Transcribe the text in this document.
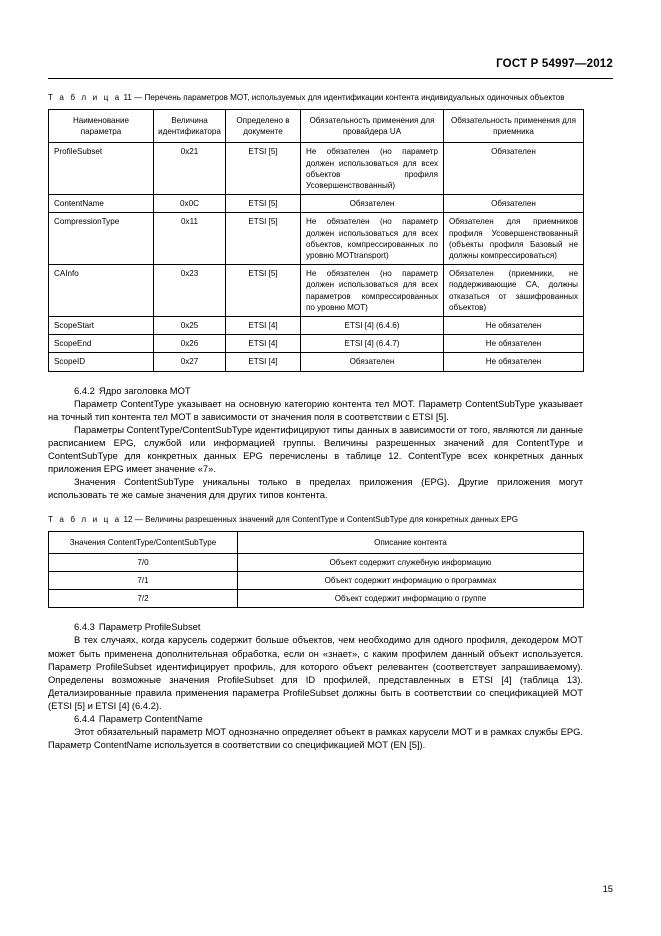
ГОСТ Р 54997—2012

Т а б л и ц а 11 — Перечень параметров MOT, используемых для идентификации контента индивидуальных одиночных объектов

Наименование параметра	Величина идентификатора	Определено в документе	Обязательность применения для провайдера UA	Обязательность применения для приемника
ProfileSubset	0x21	ETSI [5]	Не обязателен (но параметр должен использоваться для всех объектов профиля Усовершенствованный)	Обязателен
ContentName	0x0C	ETSI [5]	Обязателен	Обязателен
CompressionType	0x11	ETSI [5]	Не обязателен (но параметр должен использоваться для всех объектов, компрессированных по уровню MOTtransport)	Обязателен для приемников профиля Усовершенствованный (объекты профиля Базовый не должны компрессироваться)
CAInfo	0x23	ETSI [5]	Не обязателен (но параметр должен использоваться для всех параметров компрессированных по уровню MOT)	Обязателен (приемники, не поддерживающие CA, должны отказаться от зашифрованных объектов)
ScopeStart	0x25	ETSI [4]	ETSI [4] (6.4.6)	Не обязателен
ScopeEnd	0x26	ETSI [4]	ETSI [4] (6.4.7)	Не обязателен
ScopeID	0x27	ETSI [4]	Обязателен	Не обязателен

6.4.2 Ядро заголовка MOT

Параметр ContentType указывает на основную категорию контента тел MOT. Параметр ContentSubType указывает на точный тип контента тел MOT в зависимости от значения поля в соответствии с ETSI [5].

Параметры ContentType/ContentSubType идентифицируют типы данных в зависимости от того, являются ли данные расписанием EPG, службой или информацией группы. Величины разрешенных значений для ContentType и ContentSubType для конкретных данных EPG перечислены в таблице 12. ContentType всех конкретных данных приложения EPG имеет значение «7».

Значения ContentSubType уникальны только в пределах приложения (EPG). Другие приложения могут использовать те же самые значения для других типов контента.

Т а б л и ц а 12 — Величины разрешенных значений для ContentType и ContentSubType для конкретных данных EPG

Значения ContentType/ContentSubType	Описание контента
7/0	Объект содержит служебную информацию
7/1	Объект содержит информацию о программах
7/2	Объект содержит информацию о группе

6.4.3 Параметр ProfileSubset

В тех случаях, когда карусель содержит больше объектов, чем необходимо для одного профиля, декодером MOT может быть применена дополнительная обработка, если он «знает», с каким профилем данный объект используется. Параметр ProfileSubset идентифицирует профиль, для которого объект релевантен (соответствует запрашиваемому). Определены возможные значения ProfileSubset для ID профилей, представленных в ETSI [4] (таблица 13). Детализированные правила применения параметра ProfileSubset должны быть в соответствии со спецификацией MOT (ETSI [5] и ETSI [4] (6.4.2).

6.4.4 Параметр ContentName

Этот обязательный параметр MOT однозначно определяет объект в рамках карусели MOT и в рамках службы EPG. Параметр ContentName используется в соответствии со спецификацией MOT (EN [5]).

15
